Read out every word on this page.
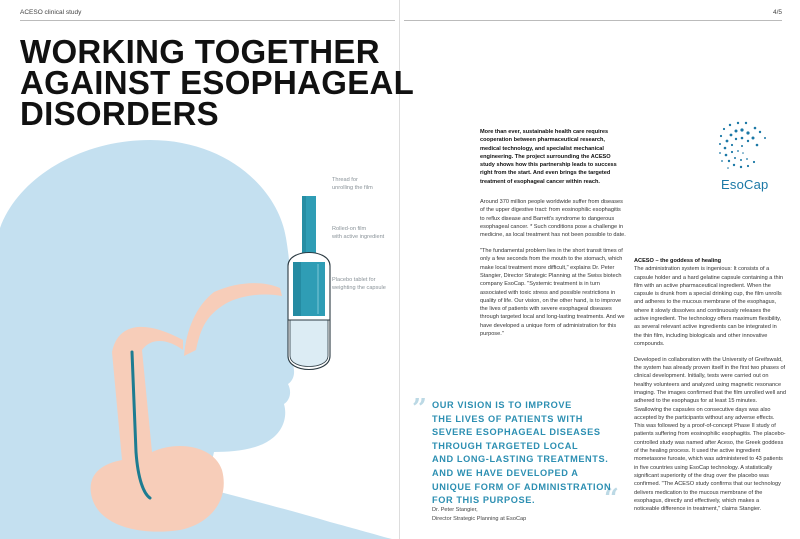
ACESO clinical study	4/5
Thread for
unrolling the film
Rolled-on film
with active ingredient
Placebo tablet for
weighting the capsule
WORKING TOGETHER
AGAINST ESOPHAGEAL
DISORDERS
EsoCap

More than ever, sustainable health care requires cooperation between pharmaceutical research, medical technology, and specialist mechanical engineering. The project surrounding the ACESO study shows how this partnership leads to success right from the start. And even brings the targeted treatment of esophageal cancer within reach.

Around 370 million people worldwide suffer from diseases of the upper digestive tract: from eosinophilic esophagitis to reflux disease and Barrett's syndrome to dangerous esophageal cancer. * Such conditions pose a challenge in medicine, as local treatment has not been possible to date.

"The fundamental problem lies in the short transit times of only a few seconds from the mouth to the stomach, which make local treatment more difficult," explains Dr. Peter Stangier, Director Strategic Planning at the Swiss biotech company EsoCap. "Systemic treatment is in turn associated with toxic stress and possible restrictions in quality of life. Our vision, on the other hand, is to improve the lives of patients with severe esophageal diseases through targeted local and long-lasting treatments. And we have developed a unique form of administration for this purpose."

ACESO – the goddess of healing

The administration system is ingenious: It consists of a capsule holder and a hard gelatine capsule containing a thin film with an active pharmaceutical ingredient. When the capsule is drunk from a special drinking cup, the film unrolls and adheres to the mucous membrane of the esophagus, where it slowly dissolves and continuously releases the active ingredient. The technology offers maximum flexibility, as several relevant active ingredients can be integrated in the thin film, including biologicals and other innovative compounds.

Developed in collaboration with the University of Greifswald, the system has already proven itself in the first two phases of clinical development. Initially, tests were carried out on healthy volunteers and analyzed using magnetic resonance imaging. The images confirmed that the film unrolled well and adhered to the esophagus for at least 15 minutes. Swallowing the capsules on consecutive days was also accepted by the participants without any adverse effects. This was followed by a proof-of-concept Phase II study of patients suffering from eosinophilic esophagitis. The placebo-controlled study was named after Aceso, the Greek goddess of the healing process. It used the active ingredient mometasone furoate, which was administered to 43 patients in five countries using EsoCap technology. A statistically significant superiority of the drug over the placebo was confirmed. "The ACESO study confirms that our technology delivers medication to the mucous membrane of the esophagus, directly and effectively, which makes a noticeable difference in treatment," claims Stangier.

”
“
OUR VISION IS TO IMPROVE
THE LIVES OF PATIENTS WITH
SEVERE ESOPHAGEAL DISEASES
THROUGH TARGETED LOCAL
AND LONG-LASTING TREATMENTS.
AND WE HAVE DEVELOPED A
UNIQUE FORM OF ADMINISTRATION
FOR THIS PURPOSE.
Dr. Peter Stangier,
Director Strategic Planning at EsoCap
